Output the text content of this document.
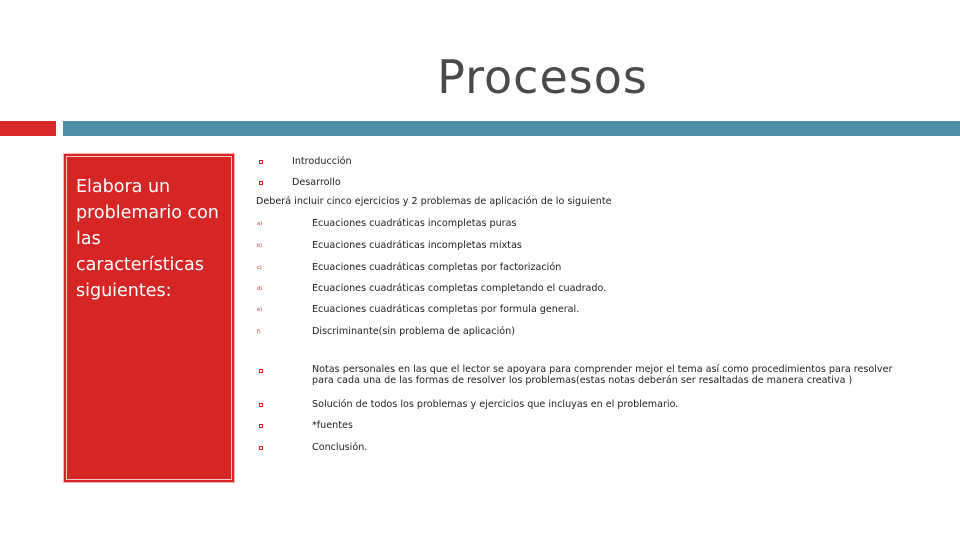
Procesos

Elabora un problemario con las características siguientes:

Introducción
Desarrollo
Deberá incluir cinco ejercicios y 2 problemas de aplicación de lo siguiente
a)	Ecuaciones cuadráticas incompletas puras
b)	Ecuaciones cuadráticas incompletas mixtas
c)	Ecuaciones cuadráticas completas por factorización
d)	Ecuaciones cuadráticas completas completando el cuadrado.
e)	Ecuaciones cuadráticas completas por formula general.
f)	Discriminante(sin problema de aplicación)
Notas personales en las que el lector se apoyara para comprender mejor el tema así como procedimientos para resolver para cada una de las formas de resolver los problemas(estas notas deberán ser resaltadas de manera creativa )
Solución de todos los problemas y ejercicios que incluyas en el problemario.
*fuentes
Conclusión.
